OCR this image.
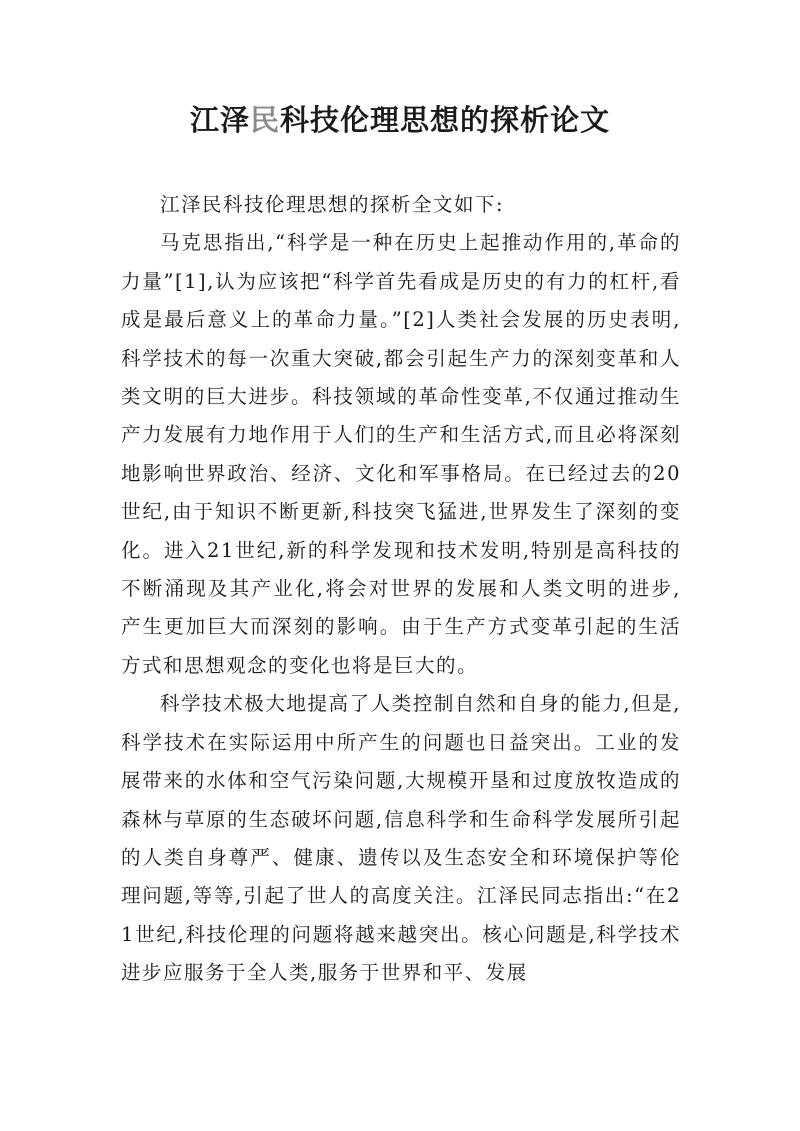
江泽民科技伦理思想的探析论文

江泽民科技伦理思想的探析全文如下:

马克思指出,“科学是一种在历史上起推动作用的,革命的力量”[1],认为应该把“科学首先看成是历史的有力的杠杆,看成是最后意义上的革命力量。”[2]人类社会发展的历史表明,科学技术的每一次重大突破,都会引起生产力的深刻变革和人类文明的巨大进步。科技领域的革命性变革,不仅通过推动生产力发展有力地作用于人们的生产和生活方式,而且必将深刻地影响世界政治、经济、文化和军事格局。在已经过去的20世纪,由于知识不断更新,科技突飞猛进,世界发生了深刻的变化。进入21世纪,新的科学发现和技术发明,特别是高科技的不断涌现及其产业化,将会对世界的发展和人类文明的进步,产生更加巨大而深刻的影响。由于生产方式变革引起的生活方式和思想观念的变化也将是巨大的。

科学技术极大地提高了人类控制自然和自身的能力,但是,科学技术在实际运用中所产生的问题也日益突出。工业的发展带来的水体和空气污染问题,大规模开垦和过度放牧造成的森林与草原的生态破坏问题,信息科学和生命科学发展所引起的人类自身尊严、健康、遗传以及生态安全和环境保护等伦理问题,等等,引起了世人的高度关注。江泽民同志指出:“在21世纪,科技伦理的问题将越来越突出。核心问题是,科学技术进步应服务于全人类,服务于世界和平、发展
